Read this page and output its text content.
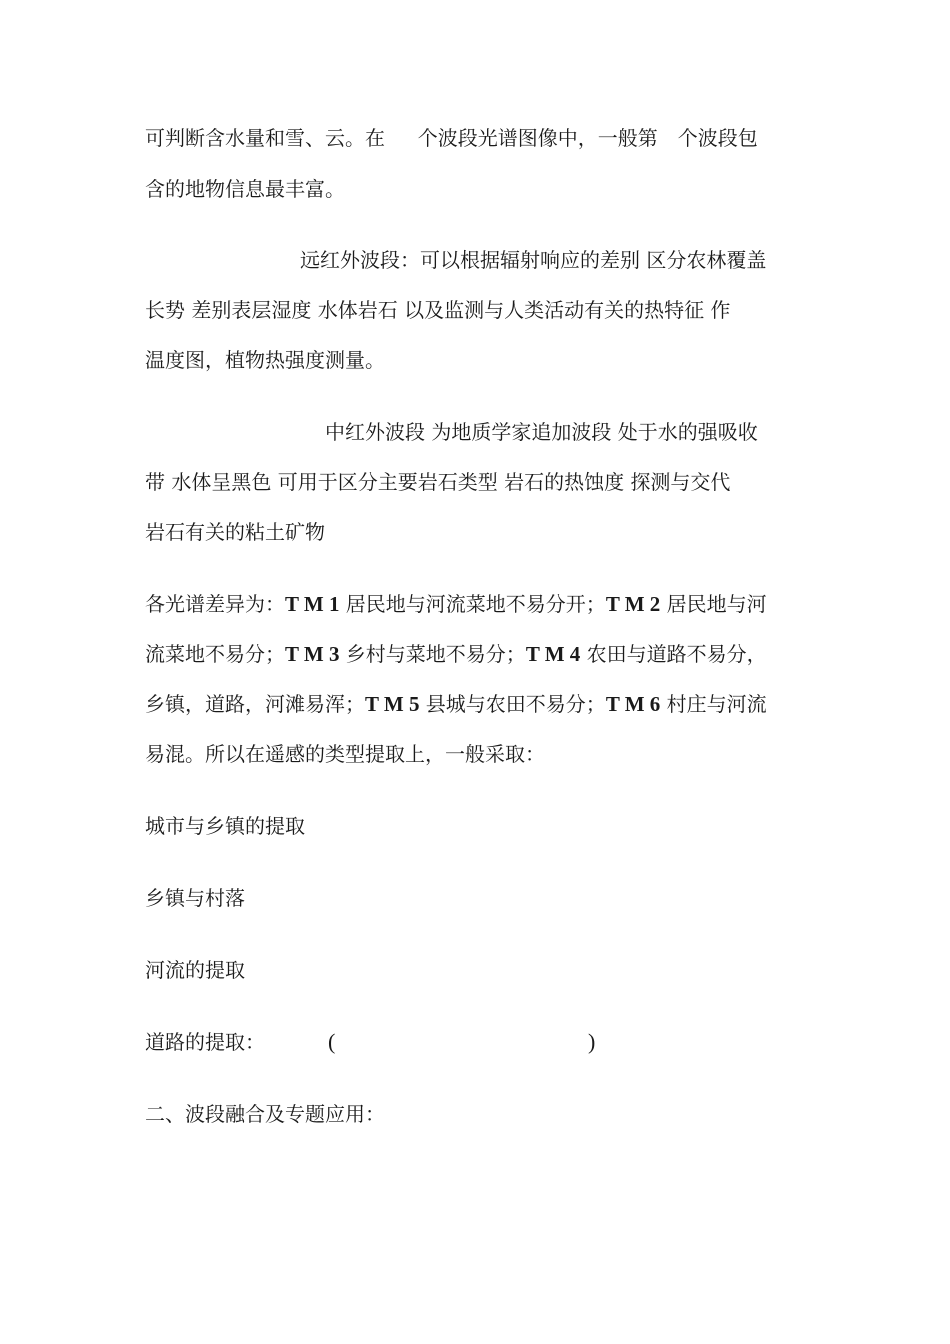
可判断含水量和雪、云。在 　 个波段光谱图像中，一般第　个波段包
含的地物信息最丰富。
远红外波段：可以根据辐射响应的差别 区分农林覆盖
长势 差别表层湿度 水体岩石 以及监测与人类活动有关的热特征 作
温度图，植物热强度测量。
中红外波段 为地质学家追加波段 处于水的强吸收
带 水体呈黑色 可用于区分主要岩石类型 岩石的热蚀度 探测与交代
岩石有关的粘土矿物
各光谱差异为：T M 1 居民地与河流菜地不易分开；T M 2 居民地与河
流菜地不易分；T M 3 乡村与菜地不易分；T M 4 农田与道路不易分，
乡镇，道路，河滩易浑；T M 5 县城与农田不易分；T M 6 村庄与河流
易混。所以在遥感的类型提取上，一般采取：
城市与乡镇的提取
乡镇与村落
河流的提取
道路的提取：	(	)
二、波段融合及专题应用：
